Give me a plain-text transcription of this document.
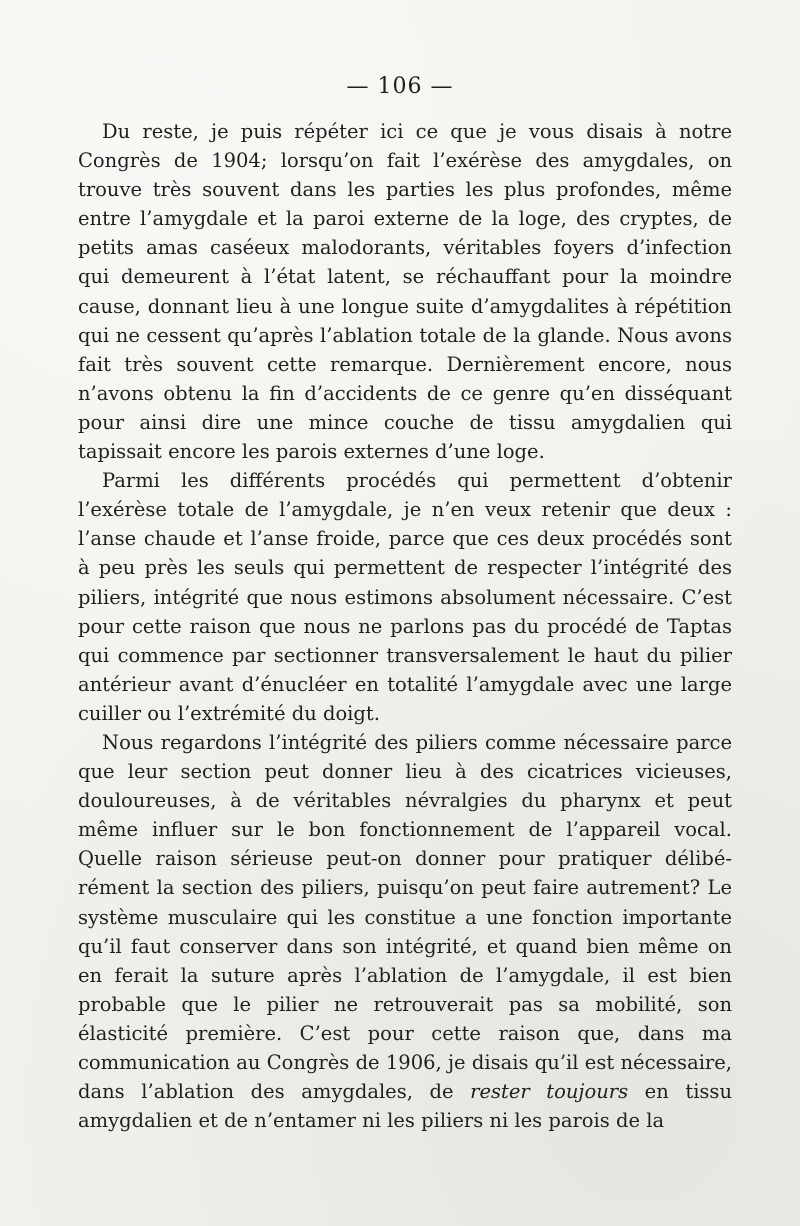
— 106 —

Du reste, je puis répéter ici ce que je vous disais à notre Congrès de 1904; lorsqu’on fait l’exérèse des amygdales, on trouve très souvent dans les parties les plus profondes, même entre l’amygdale et la paroi externe de la loge, des cryptes, de petits amas caséeux malodorants, véritables foyers d’infection qui demeurent à l’état latent, se réchauffant pour la moindre cause, donnant lieu à une longue suite d’amygdalites à répétition qui ne cessent qu’après l’ablation totale de la glande. Nous avons fait très souvent cette remarque. Dernièrement encore, nous n’avons obtenu la fin d’accidents de ce genre qu’en disséquant pour ainsi dire une mince couche de tissu amygdalien qui tapissait encore les parois externes d’une loge.

Parmi les différents procédés qui permettent d’obtenir l’exérèse totale de l’amygdale, je n’en veux retenir que deux : l’anse chaude et l’anse froide, parce que ces deux procédés sont à peu près les seuls qui permettent de respecter l’intégrité des piliers, intégrité que nous estimons absolument nécessaire. C’est pour cette raison que nous ne parlons pas du procédé de Taptas qui commence par sectionner transversalement le haut du pilier antérieur avant d’énucléer en totalité l’amygdale avec une large cuiller ou l’extrémité du doigt.

Nous regardons l’intégrité des piliers comme nécessaire parce que leur section peut donner lieu à des cicatrices vicieuses, douloureuses, à de véritables névralgies du pharynx et peut même influer sur le bon fonctionnement de l’appareil vocal. Quelle raison sérieuse peut-on donner pour pratiquer délibérément la section des piliers, puisqu’on peut faire autrement? Le système musculaire qui les constitue a une fonction importante qu’il faut conserver dans son intégrité, et quand bien même on en ferait la suture après l’ablation de l’amygdale, il est bien probable que le pilier ne retrouverait pas sa mobilité, son élasticité première. C’est pour cette raison que, dans ma communication au Congrès de 1906, je disais qu’il est nécessaire, dans l’ablation des amygdales, de rester toujours en tissu amygdalien et de n’entamer ni les piliers ni les parois de la
